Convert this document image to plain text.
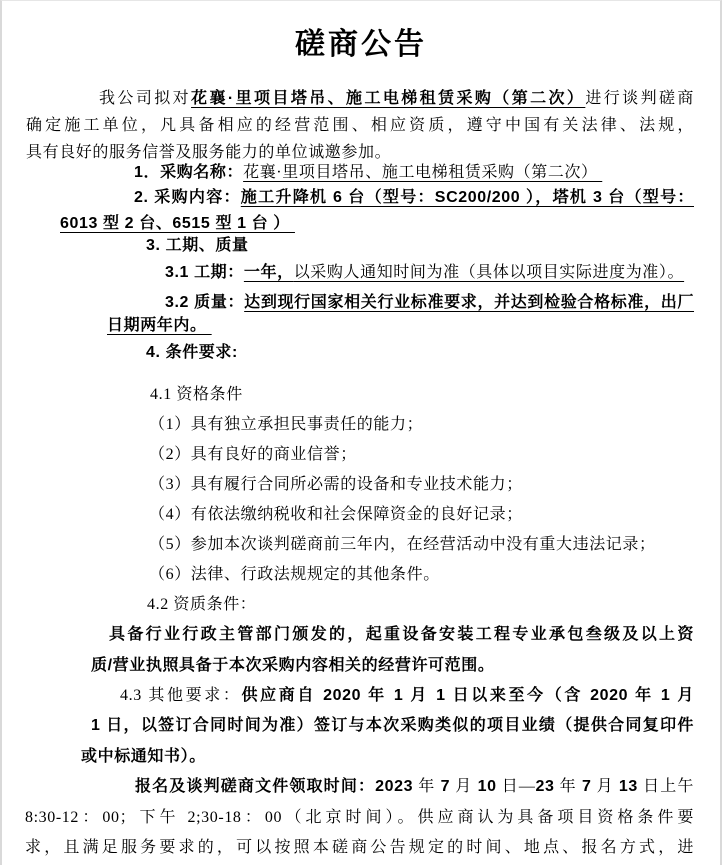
磋商公告
我公司拟对花襄·里项目塔吊、施工电梯租赁采购（第二次）进行谈判磋商
确定施工单位，凡具备相应的经营范围、相应资质，遵守中国有关法律、法规，
具有良好的服务信誉及服务能力的单位诚邀参加。
1．采购名称：花襄·里项目塔吊、施工电梯租赁采购（第二次）
2. 采购内容：施工升降机 6 台（型号：SC200/200 ），塔机 3 台（型号：
6013 型 2 台、6515 型 1 台 ）
3. 工期、质量
3.1 工期：一年，以采购人通知时间为准（具体以项目实际进度为准）。
3.2 质量：达到现行国家相关行业标准要求，并达到检验合格标准，出厂
日期两年内。
4. 条件要求:
4.1 资格条件
（1）具有独立承担民事责任的能力；
（2）具有良好的商业信誉；
（3）具有履行合同所必需的设备和专业技术能力；
（4）有依法缴纳税收和社会保障资金的良好记录；
（5）参加本次谈判磋商前三年内，在经营活动中没有重大违法记录；
（6）法律、行政法规规定的其他条件。
4.2 资质条件：
具备行业行政主管部门颁发的，起重设备安装工程专业承包叁级及以上资
质/营业执照具备于本次采购内容相关的经营许可范围。
4.3 其他要求：供应商自 2020 年 1 月 1 日以来至今（含 2020 年 1 月
1 日，以签订合同时间为准）签订与本次采购类似的项目业绩（提供合同复印件
或中标通知书）。
报名及谈判磋商文件领取时间：2023 年 7 月 10 日—23 年 7 月 13 日上午
8:30-12：00；下午 2;30-18：00（北京时间）。供应商认为具备项目资格条件要
求，且满足服务要求的，可以按照本磋商公告规定的时间、地点、报名方式，进
